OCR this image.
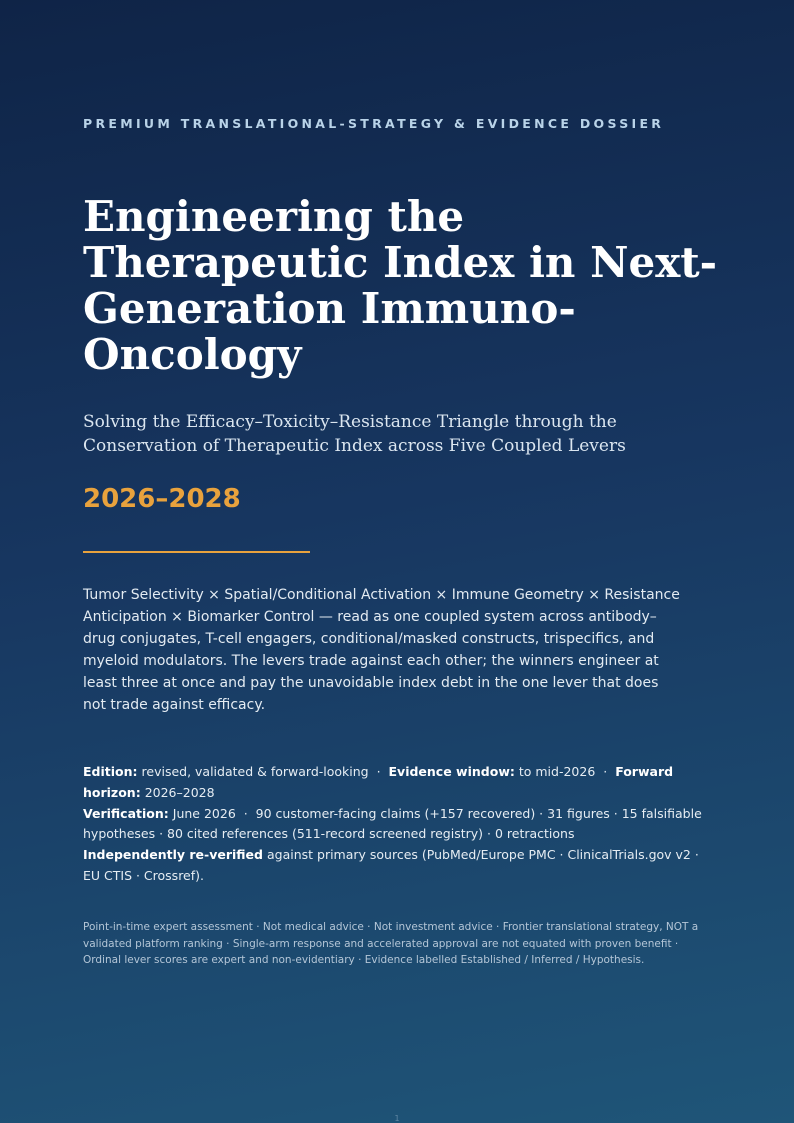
PREMIUM TRANSLATIONAL-STRATEGY & EVIDENCE DOSSIER
Engineering the Therapeutic Index in Next-Generation Immuno-Oncology

Solving the Efficacy–Toxicity–Resistance Triangle through the Conservation of Therapeutic Index across Five Coupled Levers

2026–2028

Tumor Selectivity × Spatial/Conditional Activation × Immune Geometry × Resistance Anticipation × Biomarker Control — read as one coupled system across antibody–drug conjugates, T-cell engagers, conditional/masked constructs, trispecifics, and myeloid modulators. The levers trade against each other; the winners engineer at least three at once and pay the unavoidable index debt in the one lever that does not trade against efficacy.

Edition: revised, validated & forward-looking · Evidence window: to mid-2026 · Forward horizon: 2026–2028

Verification: June 2026 · 90 customer-facing claims (+157 recovered) · 31 figures · 15 falsifiable hypotheses · 80 cited references (511-record screened registry) · 0 retractions

Independently re-verified against primary sources (PubMed/Europe PMC · ClinicalTrials.gov v2 · EU CTIS · Crossref).

Point-in-time expert assessment · Not medical advice · Not investment advice · Frontier translational strategy, NOT a validated platform ranking · Single-arm response and accelerated approval are not equated with proven benefit · Ordinal lever scores are expert and non-evidentiary · Evidence labelled Established / Inferred / Hypothesis.

1
